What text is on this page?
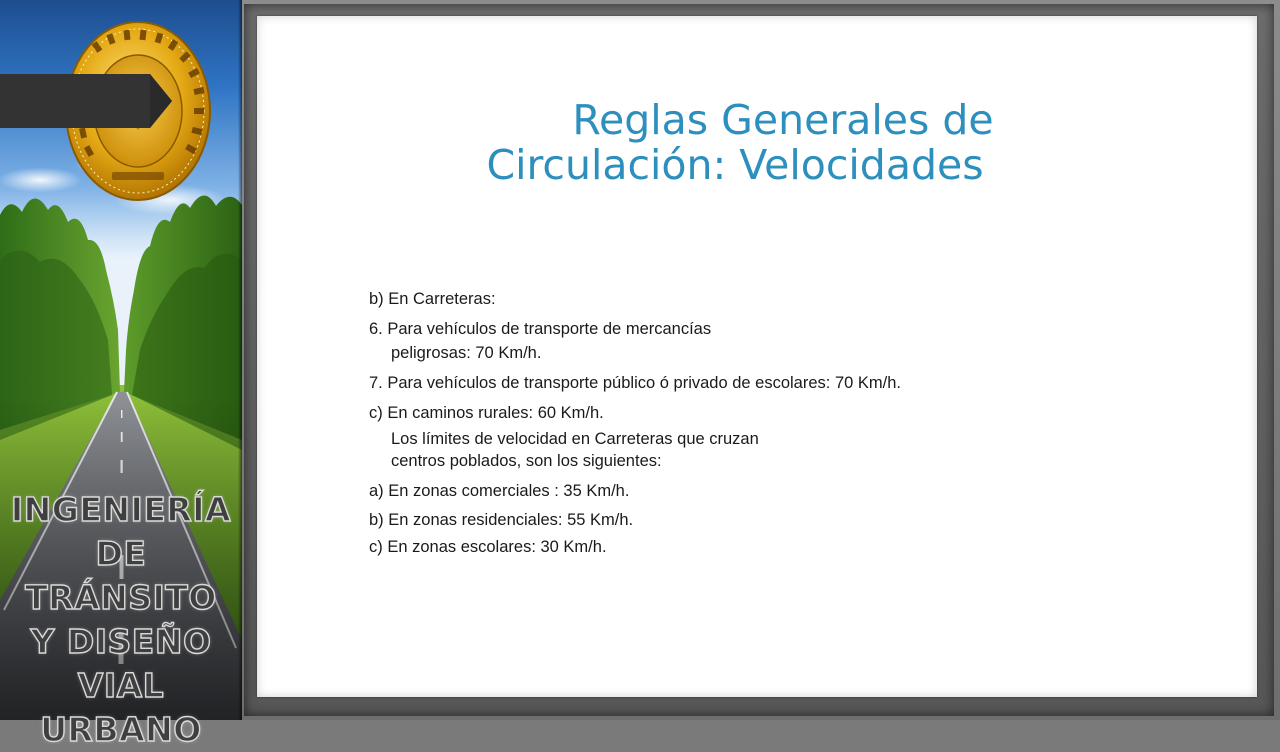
INGENIERÍA
DE TRÁNSITO
Y DISEÑO
VIAL
URBANO
Reglas Generales de
Circulación: Velocidades
b) En Carreteras:
6. Para vehículos de transporte de mercancías
peligrosas: 70 Km/h.
7. Para vehículos de transporte público ó privado de escolares: 70 Km/h.
c) En caminos rurales: 60 Km/h.
Los límites de velocidad en Carreteras que cruzan
centros poblados, son los siguientes:
a) En zonas comerciales : 35 Km/h.
b) En zonas residenciales: 55 Km/h.
c) En zonas escolares: 30 Km/h.
